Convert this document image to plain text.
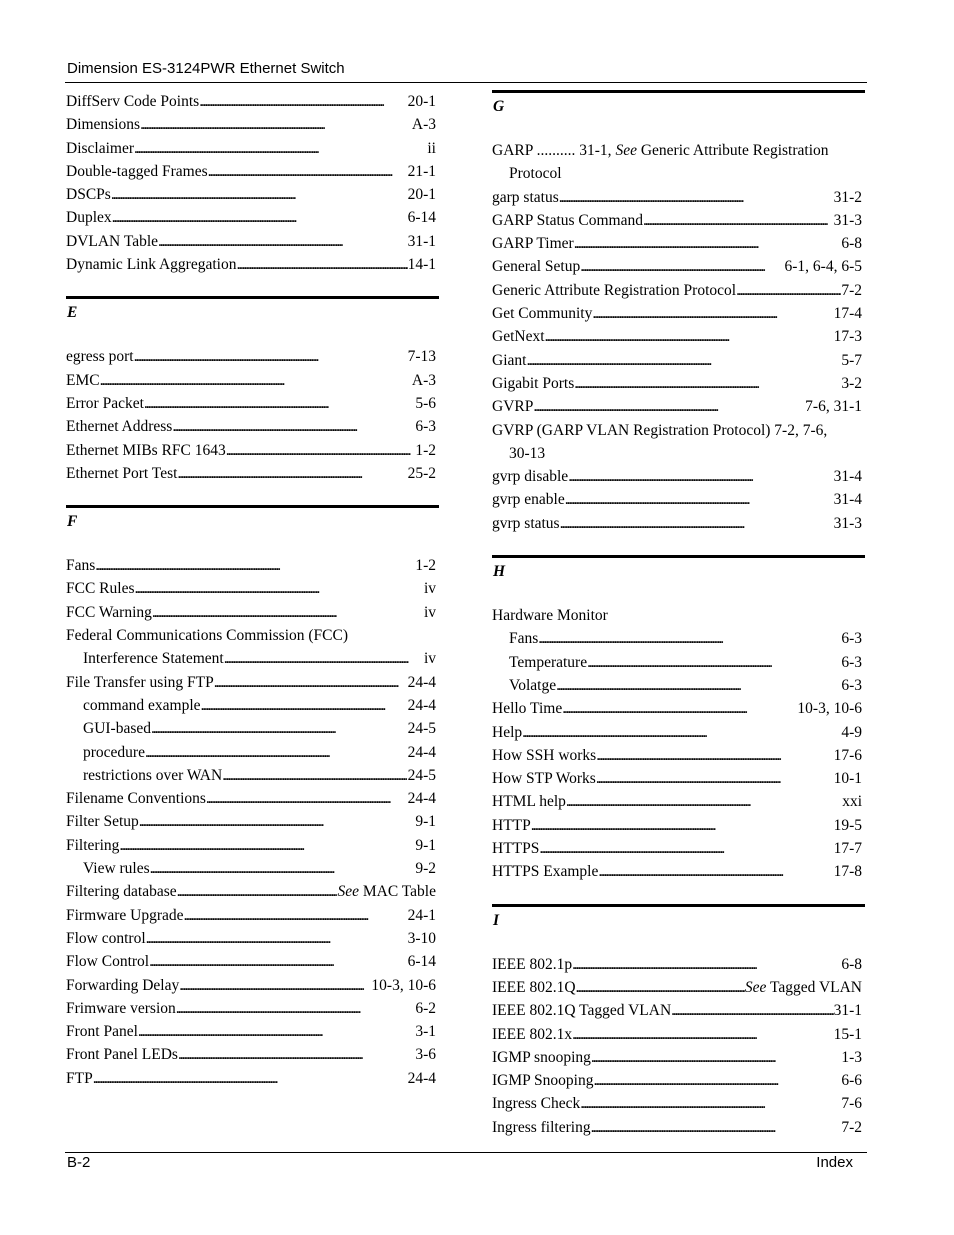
Dimension ES-3124PWR Ethernet Switch
DiffServ Code Points . . .	20-1
Dimensions . . .	A-3
Disclaimer . . .	ii
Double-tagged Frames . . .	21-1
DSCPs . . .	20-1
Duplex . . .	6-14
DVLAN Table . . .	31-1
Dynamic Link Aggregation . . .	14-1
E
egress port . . .	7-13
EMC . . .	A-3
Error Packet . . .	5-6
Ethernet Address . . .	6-3
Ethernet MIBs RFC 1643 . . .	1-2
Ethernet Port Test . . .	25-2
F
Fans . . .	1-2
FCC Rules . . .	iv
FCC Warning . . .	iv
Federal Communications Commission (FCC)
Interference Statement . . .	iv
File Transfer using FTP . . .	24-4
command example . . .	24-4
GUI-based . . .	24-5
procedure . . .	24-4
restrictions over WAN . . .	24-5
Filename Conventions . . .	24-4
Filter Setup . . .	9-1
Filtering . . .	9-1
View rules . . .	9-2
Filtering database . . .	See MAC Table
Firmware Upgrade . . .	24-1
Flow control . . .	3-10
Flow Control . . .	6-14
Forwarding Delay . . .	10-3, 10-6
Frimware version . . .	6-2
Front Panel . . .	3-1
Front Panel LEDs . . .	3-6
FTP . . .	24-4
G
GARP .......... 31-1, See Generic Attribute Registration
Protocol
garp status . . .	31-2
GARP Status Command . . .	31-3
GARP Timer . . .	6-8
General Setup . . .	6-1, 6-4, 6-5
Generic Attribute Registration Protocol . . .	7-2
Get Community . . .	17-4
GetNext . . .	17-3
Giant . . .	5-7
Gigabit Ports . . .	3-2
GVRP . . .	7-6, 31-1
GVRP (GARP VLAN Registration Protocol) 7-2, 7-6,
30-13
gvrp disable . . .	31-4
gvrp enable . . .	31-4
gvrp status . . .	31-3
H
Hardware Monitor
Fans . . .	6-3
Temperature . . .	6-3
Volatge . . .	6-3
Hello Time . . .	10-3, 10-6
Help . . .	4-9
How SSH works . . .	17-6
How STP Works . . .	10-1
HTML help . . .	xxi
HTTP . . .	19-5
HTTPS . . .	17-7
HTTPS Example . . .	17-8
I
IEEE 802.1p . . .	6-8
IEEE 802.1Q . . .	See Tagged VLAN
IEEE 802.1Q Tagged VLAN . . .	31-1
IEEE 802.1x . . .	15-1
IGMP snooping . . .	1-3
IGMP Snooping . . .	6-6
Ingress Check . . .	7-6
Ingress filtering . . .	7-2
B-2	Index
